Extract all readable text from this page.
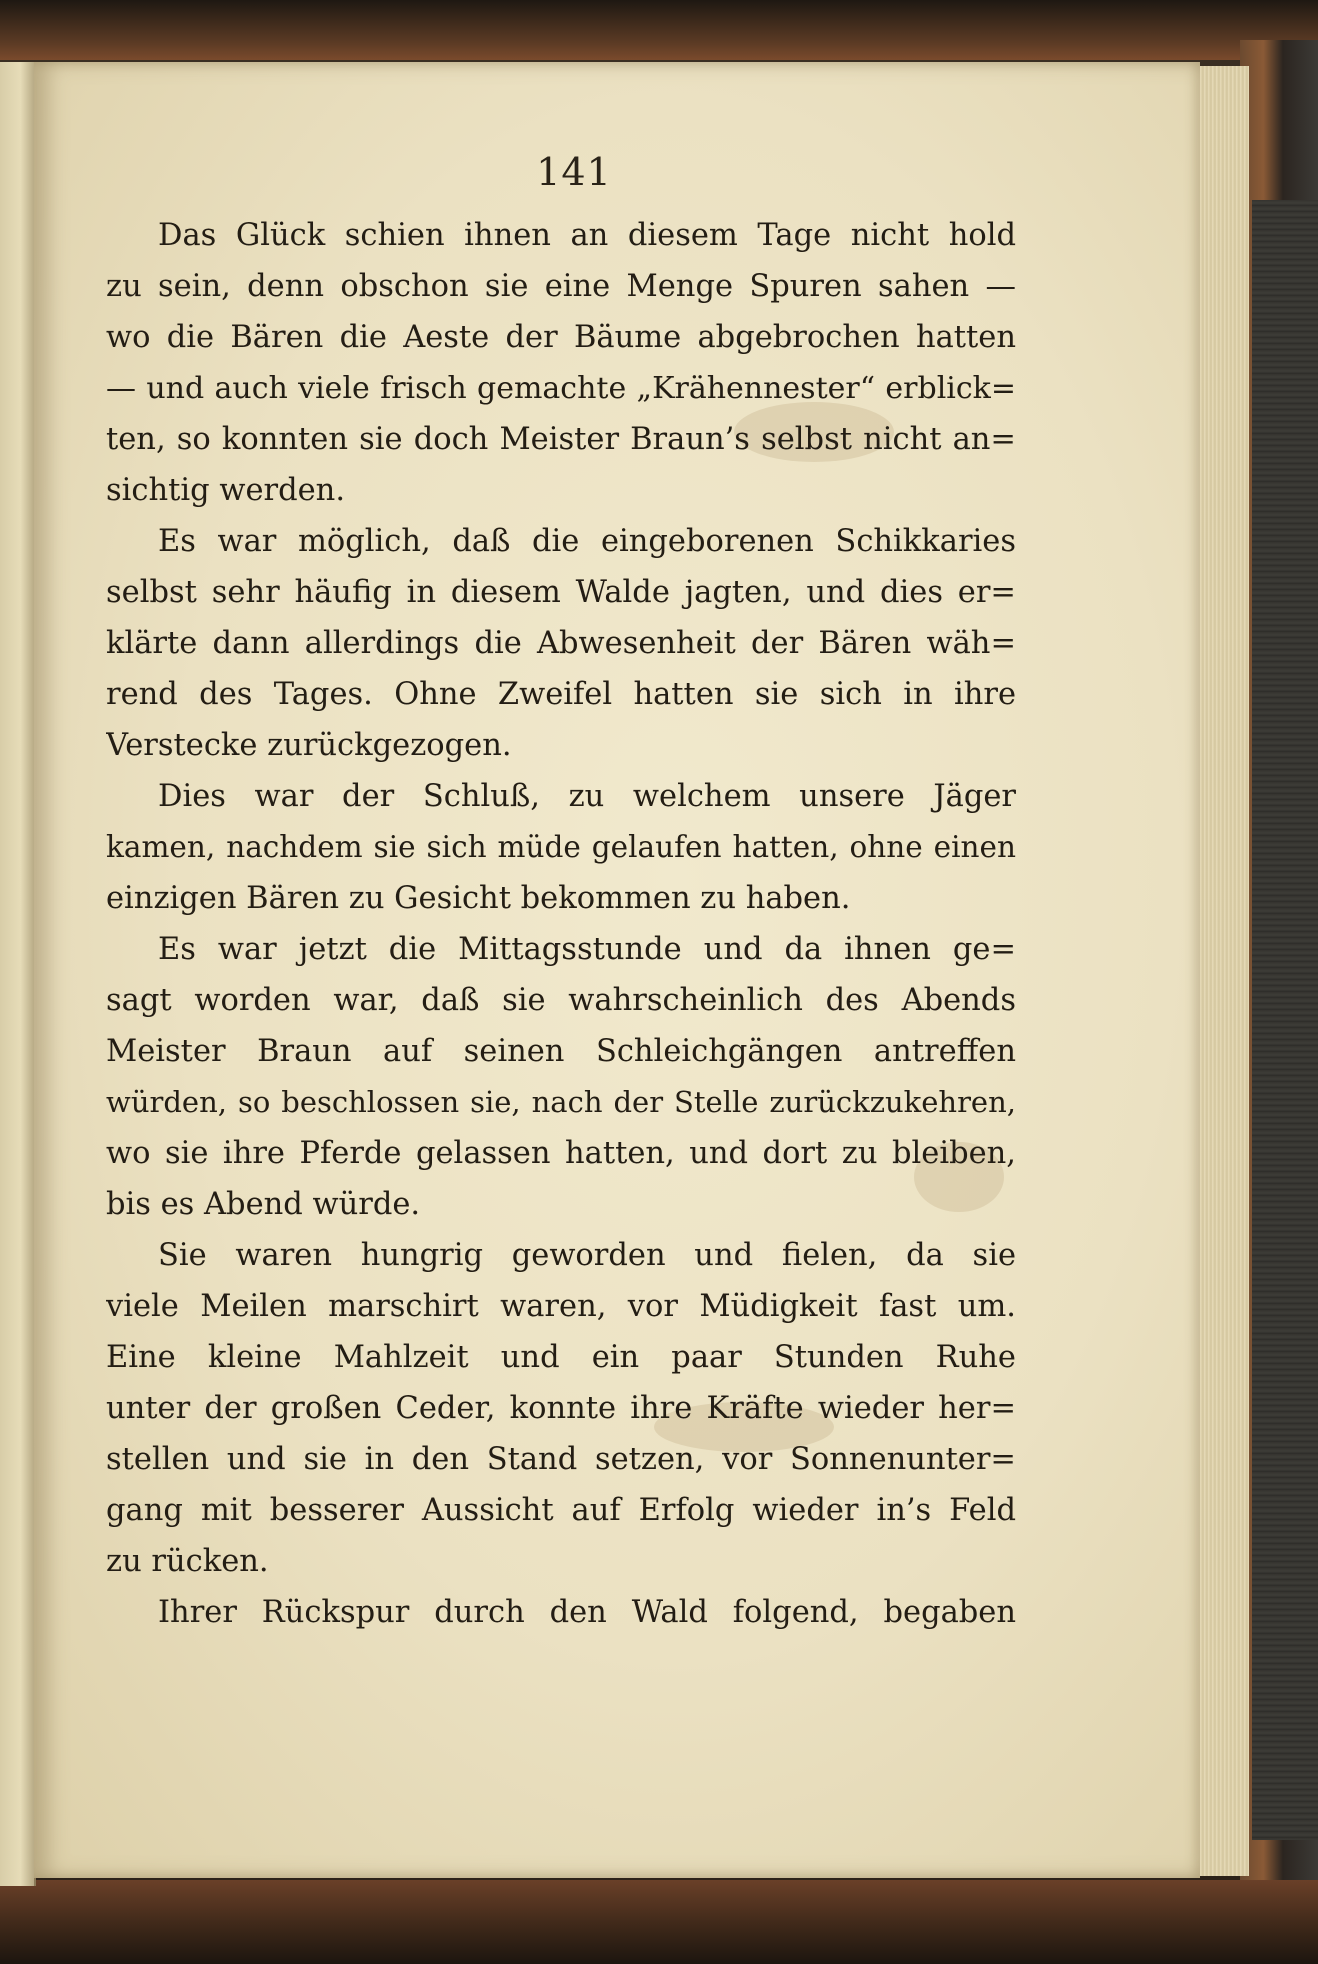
141
Das Glück schien ihnen an diesem Tage nicht hold
zu sein, denn obschon sie eine Menge Spuren sahen —
wo die Bären die Aeste der Bäume abgebrochen hatten
— und auch viele frisch gemachte „Krähennester“ erblick=
ten, so konnten sie doch Meister Braun’s selbst nicht an=
sichtig werden.
Es war möglich, daß die eingeborenen Schikkaries
selbst sehr häufig in diesem Walde jagten, und dies er=
klärte dann allerdings die Abwesenheit der Bären wäh=
rend des Tages. Ohne Zweifel hatten sie sich in ihre
Verstecke zurückgezogen.
Dies war der Schluß, zu welchem unsere Jäger
kamen, nachdem sie sich müde gelaufen hatten, ohne einen
einzigen Bären zu Gesicht bekommen zu haben.
Es war jetzt die Mittagsstunde und da ihnen ge=
sagt worden war, daß sie wahrscheinlich des Abends
Meister Braun auf seinen Schleichgängen antreffen
würden, so beschlossen sie, nach der Stelle zurückzukehren,
wo sie ihre Pferde gelassen hatten, und dort zu bleiben,
bis es Abend würde.
Sie waren hungrig geworden und fielen, da sie
viele Meilen marschirt waren, vor Müdigkeit fast um.
Eine kleine Mahlzeit und ein paar Stunden Ruhe
unter der großen Ceder, konnte ihre Kräfte wieder her=
stellen und sie in den Stand setzen, vor Sonnenunter=
gang mit besserer Aussicht auf Erfolg wieder in’s Feld
zu rücken.
Ihrer Rückspur durch den Wald folgend, begaben
